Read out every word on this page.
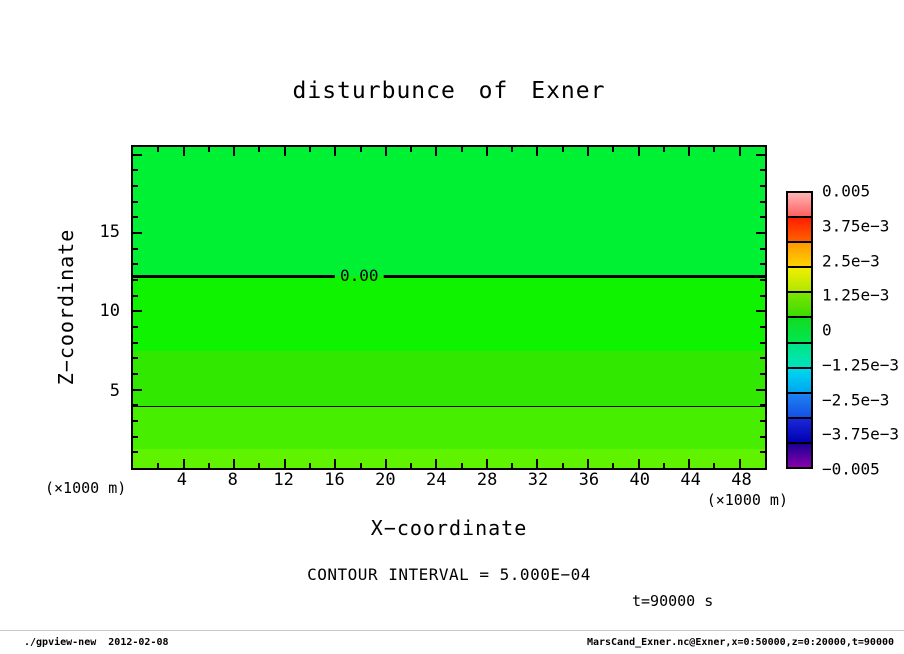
disturbunce of Exner
Z−coordinate	0.00
5
10
15
4 8 12 16 20 24 28 32 36 40 44 48
(×1000 m)
(×1000 m)
X−coordinate
0.005
3.75e−3
2.5e−3
1.25e−3
0
−1.25e−3
−2.5e−3
−3.75e−3
−0.005
CONTOUR INTERVAL = 5.000E−04
t=90000 s
./gpview-new  2012-02-08	MarsCand_Exner.nc@Exner,x=0:50000,z=0:20000,t=90000
